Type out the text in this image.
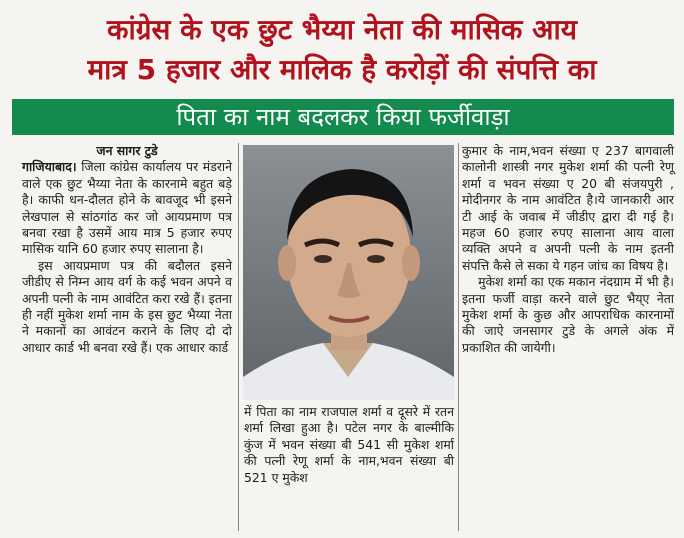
कांग्रेस के एक छुट भैय्या नेता की मासिक आय
मात्र 5 हजार और मालिक है करोड़ों की संपत्ति का
पिता का नाम बदलकर किया फर्जीवाड़ा

जन सागर टुडे

गाजियाबाद। जिला कांग्रेस कार्यालय पर मंडराने वाले एक छुट भैय्या नेता के कारनामे बहुत बड़े है। काफी धन-दौलत होने के बावजूद भी इसने लेखपाल से सांठगांठ कर जो आयप्रमाण पत्र बनवा रखा है उसमें आय मात्र 5 हजार रुपए मासिक यानि 60 हजार रुपए सालाना है।

इस आयप्रमाण पत्र की बदौलत इसने जीडीए से निम्न आय वर्ग के कई भवन अपने व अपनी पत्नी के नाम आवंटित करा रखे हैं। इतना ही नहीं मुकेश शर्मा नाम के इस छुट भैय्या नेता ने मकानों का आवंटन कराने के लिए दो दो आधार कार्ड भी बनवा रखे हैं। एक आधार कार्ड

में पिता का नाम राजपाल शर्मा व दूसरे में रतन शर्मा लिखा हुआ है। पटेल नगर के बाल्मीकि कुंज में भवन संख्या बी 541 सी मुकेश शर्मा की पत्नी रेणू शर्मा के नाम,भवन संख्या बी 521 ए मुकेश

कुमार के नाम,भवन संख्या ए 237 बागवाली कालोनी शास्त्री नगर मुकेश शर्मा की पत्नी रेणू शर्मा व भवन संख्या ए 20 बी संजयपुरी , मोदीनगर के नाम आवंटित है।ये जानकारी आर टी आई के जवाब में जीडीए द्वारा दी गई है। महज 60 हजार रुपए सालाना आय वाला व्यक्ति अपने व अपनी पत्नी के नाम इतनी संपत्ति कैसे ले सका ये गहन जांच का विषय है।

मुकेश शर्मा का एक मकान नंदग्राम में भी है। इतना फर्जी वाड़ा करने वाले छुट भैय्ए नेता मुकेश शर्मा के कुछ और आपराधिक कारनामों की जाऐ जनसागर टुडे के अगले अंक में प्रकाशित की जायेगी।
